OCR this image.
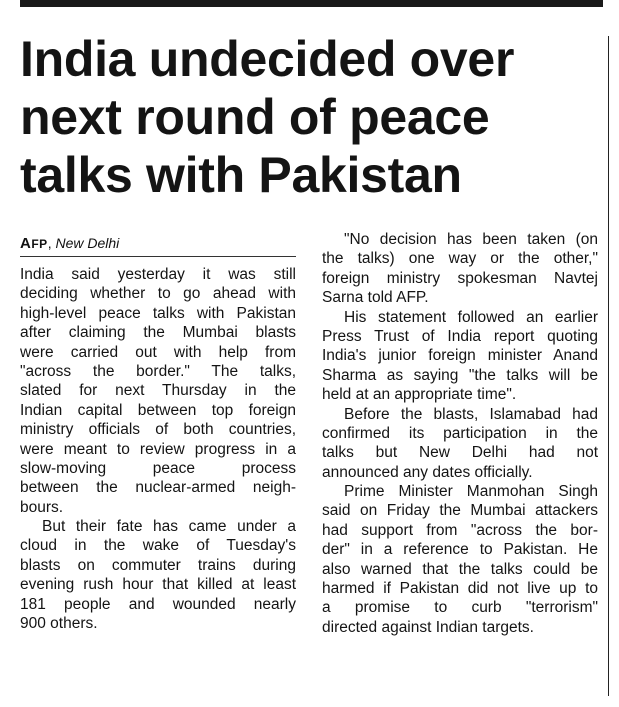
India undecided over
next round of peace
talks with Pakistan
AFP, New Delhi
India said yesterday it was still
deciding whether to go ahead with
high-level peace talks with Pakistan
after claiming the Mumbai blasts
were carried out with help from
"across the border." The talks,
slated for next Thursday in the
Indian capital between top foreign
ministry officials of both countries,
were meant to review progress in a
slow-moving peace process
between the nuclear-armed neigh-
bours.
But their fate has came under a
cloud in the wake of Tuesday's
blasts on commuter trains during
evening rush hour that killed at least
181 people and wounded nearly
900 others.
"No decision has been taken (on
the talks) one way or the other,"
foreign ministry spokesman Navtej
Sarna told AFP.
His statement followed an earlier
Press Trust of India report quoting
India's junior foreign minister Anand
Sharma as saying "the talks will be
held at an appropriate time".
Before the blasts, Islamabad had
confirmed its participation in the
talks but New Delhi had not
announced any dates officially.
Prime Minister Manmohan Singh
said on Friday the Mumbai attackers
had support from "across the bor-
der" in a reference to Pakistan. He
also warned that the talks could be
harmed if Pakistan did not live up to
a promise to curb "terrorism"
directed against Indian targets.
